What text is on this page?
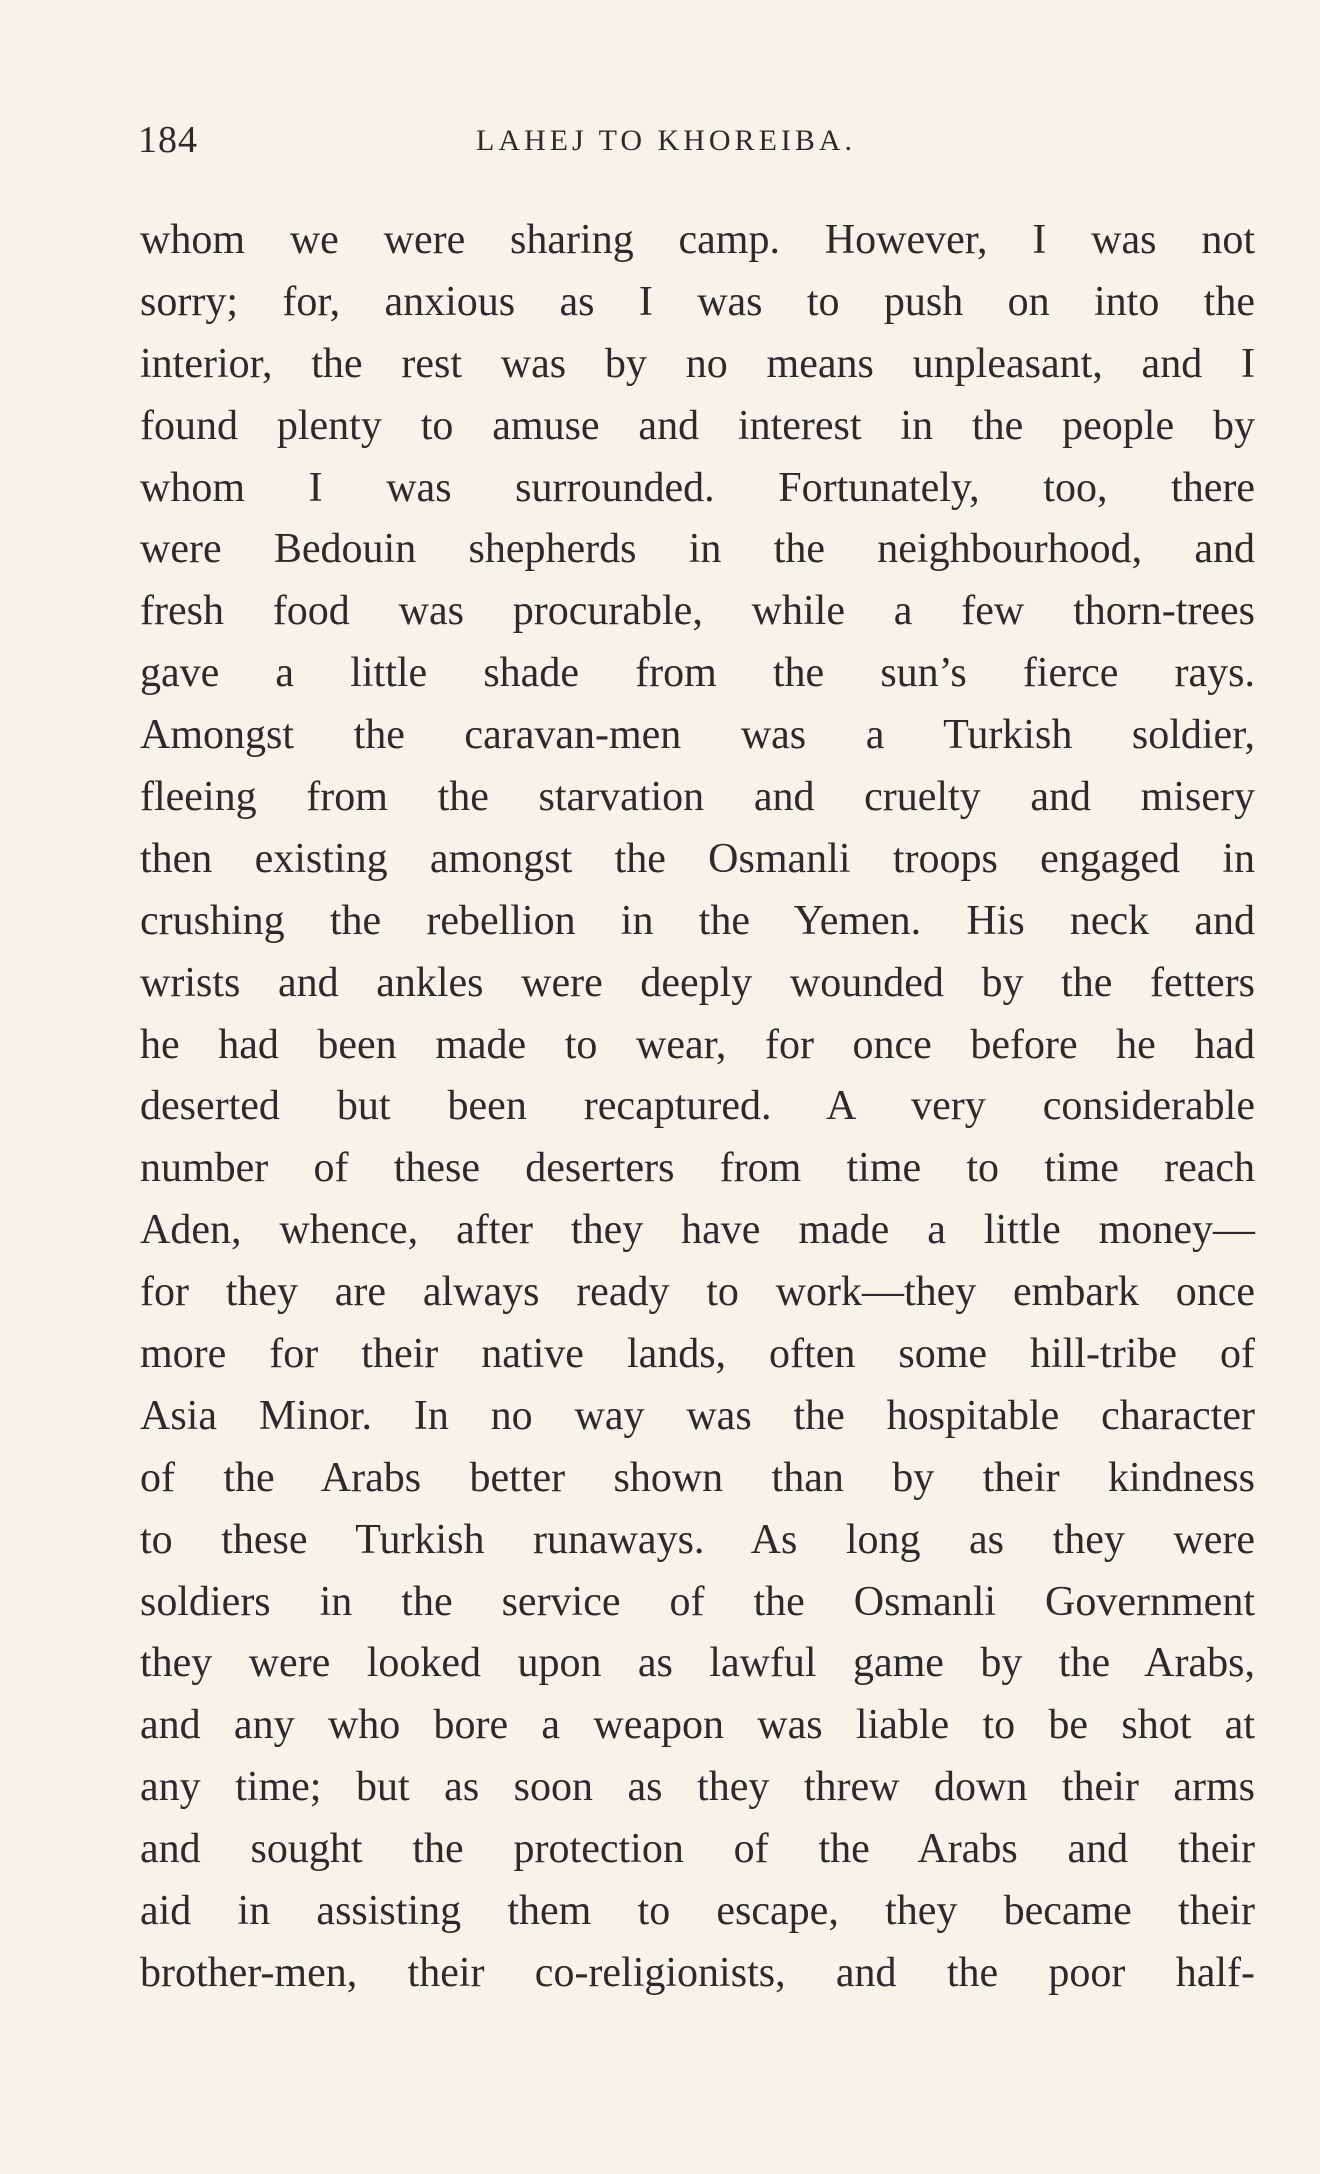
184	LAHEJ TO KHOREIBA.
whom we were sharing camp. However, I was not
sorry; for, anxious as I was to push on into the
interior, the rest was by no means unpleasant, and I
found plenty to amuse and interest in the people by
whom I was surrounded. Fortunately, too, there
were Bedouin shepherds in the neighbourhood, and
fresh food was procurable, while a few thorn-trees
gave a little shade from the sun’s fierce rays.
Amongst the caravan-men was a Turkish soldier,
fleeing from the starvation and cruelty and misery
then existing amongst the Osmanli troops engaged in
crushing the rebellion in the Yemen. His neck and
wrists and ankles were deeply wounded by the fetters
he had been made to wear, for once before he had
deserted but been recaptured. A very considerable
number of these deserters from time to time reach
Aden, whence, after they have made a little money—
for they are always ready to work—they embark once
more for their native lands, often some hill-tribe of
Asia Minor. In no way was the hospitable character
of the Arabs better shown than by their kindness
to these Turkish runaways. As long as they were
soldiers in the service of the Osmanli Government
they were looked upon as lawful game by the Arabs,
and any who bore a weapon was liable to be shot at
any time; but as soon as they threw down their arms
and sought the protection of the Arabs and their
aid in assisting them to escape, they became their
brother-men, their co-religionists, and the poor half-
